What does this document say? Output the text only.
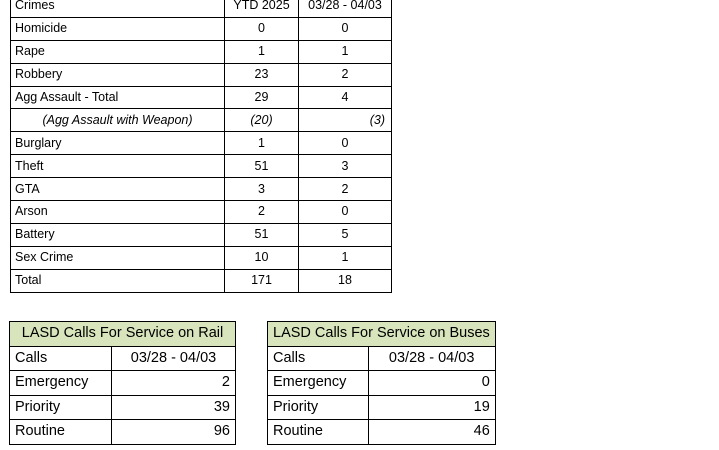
Crimes	YTD 2025	03/28 - 04/03
Homicide	0	0
Rape	1	1
Robbery	23	2
Agg Assault - Total	29	4
(Agg Assault with Weapon)	(20)	(3)
Burglary	1	0
Theft	51	3
GTA	3	2
Arson	2	0
Battery	51	5
Sex Crime	10	1
Total	171	18
LASD Calls For Service on Rail	
Calls	03/28 - 04/03
Emergency	2
Priority	39
Routine	96
LASD Calls For Service on Buses	
Calls	03/28 - 04/03
Emergency	0
Priority	19
Routine	46
